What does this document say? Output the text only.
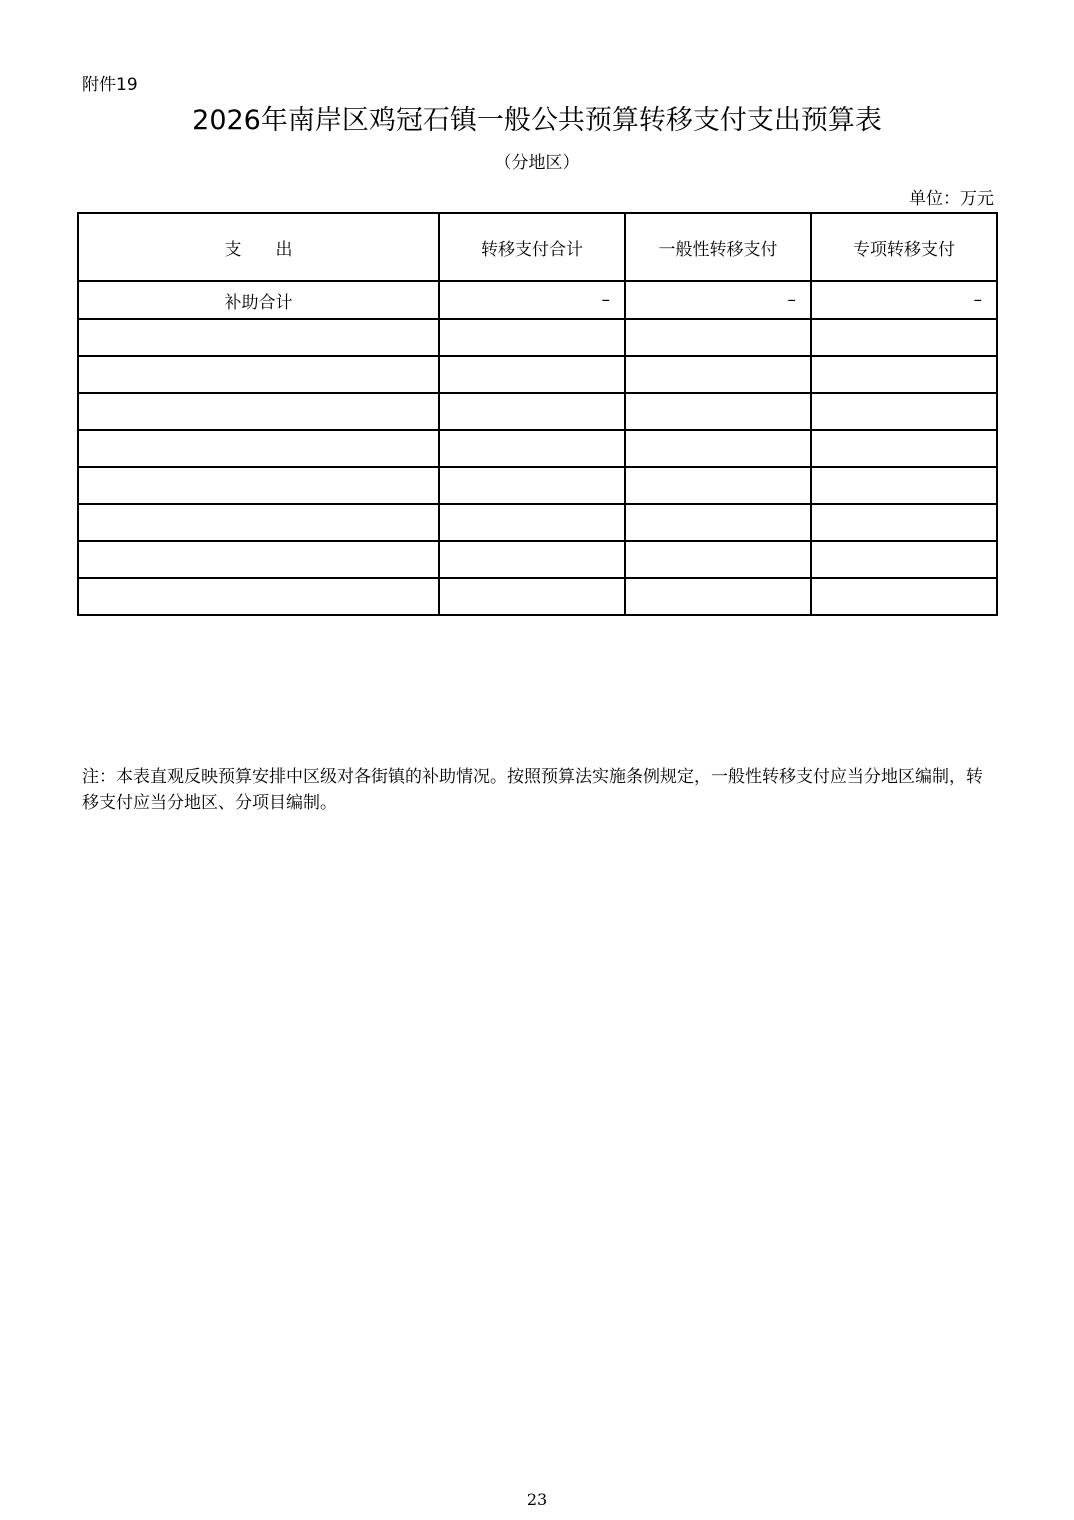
附件19
2026年南岸区鸡冠石镇一般公共预算转移支付支出预算表
（分地区）
单位：万元
支　　出	转移支付合计	一般性转移支付	专项转移支付
补助合计	–	–	–

注：本表直观反映预算安排中区级对各街镇的补助情况。按照预算法实施条例规定，一般性转移支付应当分地区编制，转移支付应当分地区、分项目编制。
23
